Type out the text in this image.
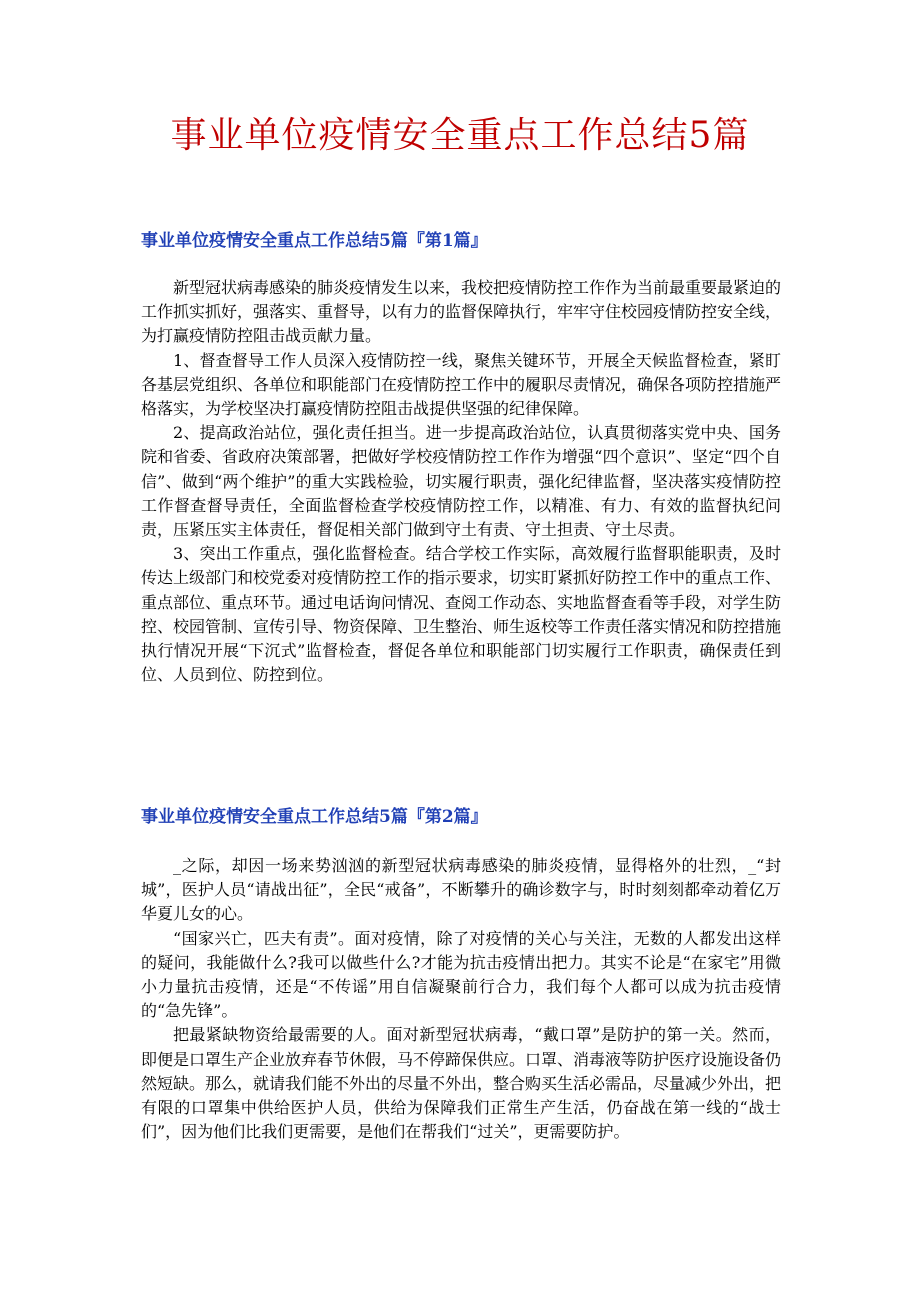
事业单位疫情安全重点工作总结5篇
事业单位疫情安全重点工作总结5篇『第1篇』

新型冠状病毒感染的肺炎疫情发生以来，我校把疫情防控工作作为当前最重要最紧迫的工作抓实抓好，强落实、重督导，以有力的监督保障执行，牢牢守住校园疫情防控安全线，为打赢疫情防控阻击战贡献力量。

1、督查督导工作人员深入疫情防控一线，聚焦关键环节，开展全天候监督检查，紧盯各基层党组织、各单位和职能部门在疫情防控工作中的履职尽责情况，确保各项防控措施严格落实，为学校坚决打赢疫情防控阻击战提供坚强的纪律保障。

2、提高政治站位，强化责任担当。进一步提高政治站位，认真贯彻落实党中央、国务院和省委、省政府决策部署，把做好学校疫情防控工作作为增强“四个意识”、坚定“四个自信”、做到“两个维护”的重大实践检验，切实履行职责，强化纪律监督，坚决落实疫情防控工作督查督导责任，全面监督检查学校疫情防控工作，以精准、有力、有效的监督执纪问责，压紧压实主体责任，督促相关部门做到守土有责、守土担责、守土尽责。

3、突出工作重点，强化监督检查。结合学校工作实际，高效履行监督职能职责，及时传达上级部门和校党委对疫情防控工作的指示要求，切实盯紧抓好防控工作中的重点工作、重点部位、重点环节。通过电话询问情况、查阅工作动态、实地监督查看等手段，对学生防控、校园管制、宣传引导、物资保障、卫生整治、师生返校等工作责任落实情况和防控措施执行情况开展“下沉式”监督检查，督促各单位和职能部门切实履行工作职责，确保责任到位、人员到位、防控到位。

事业单位疫情安全重点工作总结5篇『第2篇』

_之际，却因一场来势汹汹的新型冠状病毒感染的肺炎疫情，显得格外的壮烈，_“封城”，医护人员“请战出征”，全民“戒备”，不断攀升的确诊数字与，时时刻刻都牵动着亿万华夏儿女的心。

“国家兴亡，匹夫有责”。面对疫情，除了对疫情的关心与关注，无数的人都发出这样的疑问，我能做什么?我可以做些什么?才能为抗击疫情出把力。其实不论是“在家宅”用微小力量抗击疫情，还是“不传谣”用自信凝聚前行合力，我们每个人都可以成为抗击疫情的“急先锋”。

把最紧缺物资给最需要的人。面对新型冠状病毒，“戴口罩”是防护的第一关。然而，即便是口罩生产企业放弃春节休假，马不停蹄保供应。口罩、消毒液等防护医疗设施设备仍然短缺。那么，就请我们能不外出的尽量不外出，整合购买生活必需品，尽量减少外出，把有限的口罩集中供给医护人员，供给为保障我们正常生产生活，仍奋战在第一线的“战士们”，因为他们比我们更需要，是他们在帮我们“过关”，更需要防护。
